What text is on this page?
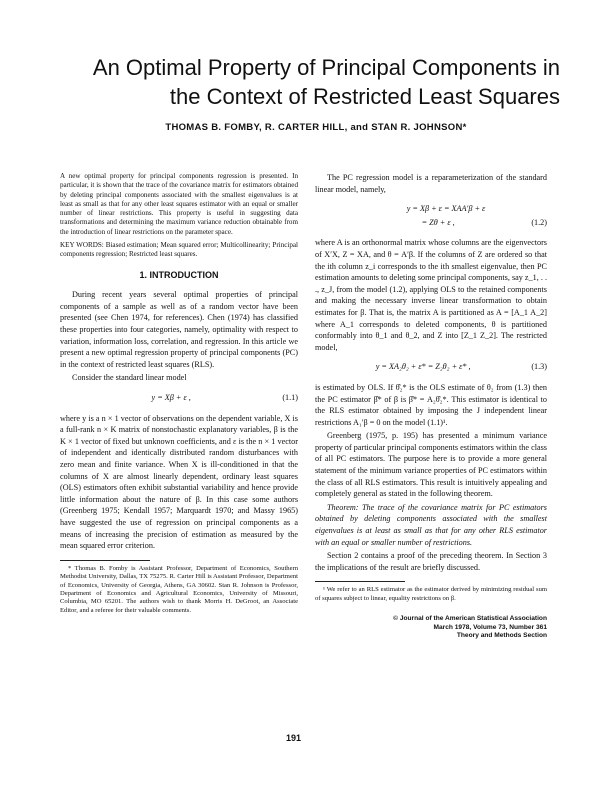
An Optimal Property of Principal Components in
the Context of Restricted Least Squares
THOMAS B. FOMBY, R. CARTER HILL, and STAN R. JOHNSON*

A new optimal property for principal components regression is presented. In particular, it is shown that the trace of the covariance matrix for estimators obtained by deleting principal components associated with the smallest eigenvalues is at least as small as that for any other least squares estimator with an equal or smaller number of linear restrictions. This property is useful in suggesting data transformations and determining the maximum variance reduction obtainable from the introduction of linear restrictions on the parameter space.

KEY WORDS: Biased estimation; Mean squared error; Multicollinearity; Principal components regression; Restricted least squares.

1. INTRODUCTION

During recent years several optimal properties of principal components of a sample as well as of a random vector have been presented (see Chen 1974, for references). Chen (1974) has classified these properties into four categories, namely, optimality with respect to variation, information loss, correlation, and regression. In this article we present a new optimal regression property of principal components (PC) in the context of restricted least squares (RLS).

Consider the standard linear model

y = Xβ + ε ,	(1.1)

where y is a n × 1 vector of observations on the dependent variable, X is a full-rank n × K matrix of nonstochastic explanatory variables, β is the K × 1 vector of fixed but unknown coefficients, and ε is the n × 1 vector of independent and identically distributed random disturbances with zero mean and finite variance. When X is ill-conditioned in that the columns of X are almost linearly dependent, ordinary least squares (OLS) estimators often exhibit substantial variability and hence provide little information about the nature of β. In this case some authors (Greenberg 1975; Kendall 1957; Marquardt 1970; and Massy 1965) have suggested the use of regression on principal components as a means of increasing the precision of estimation as measured by the mean squared error criterion.

* Thomas B. Fomby is Assistant Professor, Department of Economics, Southern Methodist University, Dallas, TX 75275. R. Carter Hill is Assistant Professor, Department of Economics, University of Georgia, Athens, GA 30602. Stan R. Johnson is Professor, Department of Economics and Agricultural Economics, University of Missouri, Columbia, MO 65201. The authors wish to thank Morris H. DeGroot, an Associate Editor, and a referee for their valuable comments.

The PC regression model is a reparameterization of the standard linear model, namely,

y = Xβ + ε = XAA′β + ε
= Zθ + ε ,	(1.2)

where A is an orthonormal matrix whose columns are the eigenvectors of X′X, Z = XA, and θ = A′β. If the columns of Z are ordered so that the ith column z_i corresponds to the ith smallest eigenvalue, then PC estimation amounts to deleting some principal components, say z_1, . . ., z_J, from the model (1.2), applying OLS to the retained components and making the necessary inverse linear transformation to obtain estimates for β. That is, the matrix A is partitioned as A = [A_1 A_2] where A_1 corresponds to deleted components, θ is partitioned conformably into θ_1 and θ_2, and Z into [Z_1 Z_2]. The restricted model,

y = XA₂θ₂ + ε* = Z₂θ₂ + ε* ,	(1.3)

is estimated by OLS. If θ̂₂* is the OLS estimate of θ₂ from (1.3) then the PC estimator β̂* of β is β̂* = A₂θ̂₂*. This estimator is identical to the RLS estimator obtained by imposing the J independent linear restrictions A₁′β = 0 on the model (1.1)¹.

Greenberg (1975, p. 195) has presented a minimum variance property of particular principal components estimators within the class of all PC estimators. The purpose here is to provide a more general statement of the minimum variance properties of PC estimators within the class of all RLS estimators. This result is intuitively appealing and completely general as stated in the following theorem.

Theorem: The trace of the covariance matrix for PC estimators obtained by deleting components associated with the smallest eigenvalues is at least as small as that for any other RLS estimator with an equal or smaller number of restrictions.

Section 2 contains a proof of the preceding theorem. In Section 3 the implications of the result are briefly discussed.

¹ We refer to an RLS estimator as the estimator derived by minimizing residual sum of squares subject to linear, equality restrictions on β.

© Journal of the American Statistical Association
March 1978, Volume 73, Number 361
Theory and Methods Section
191
